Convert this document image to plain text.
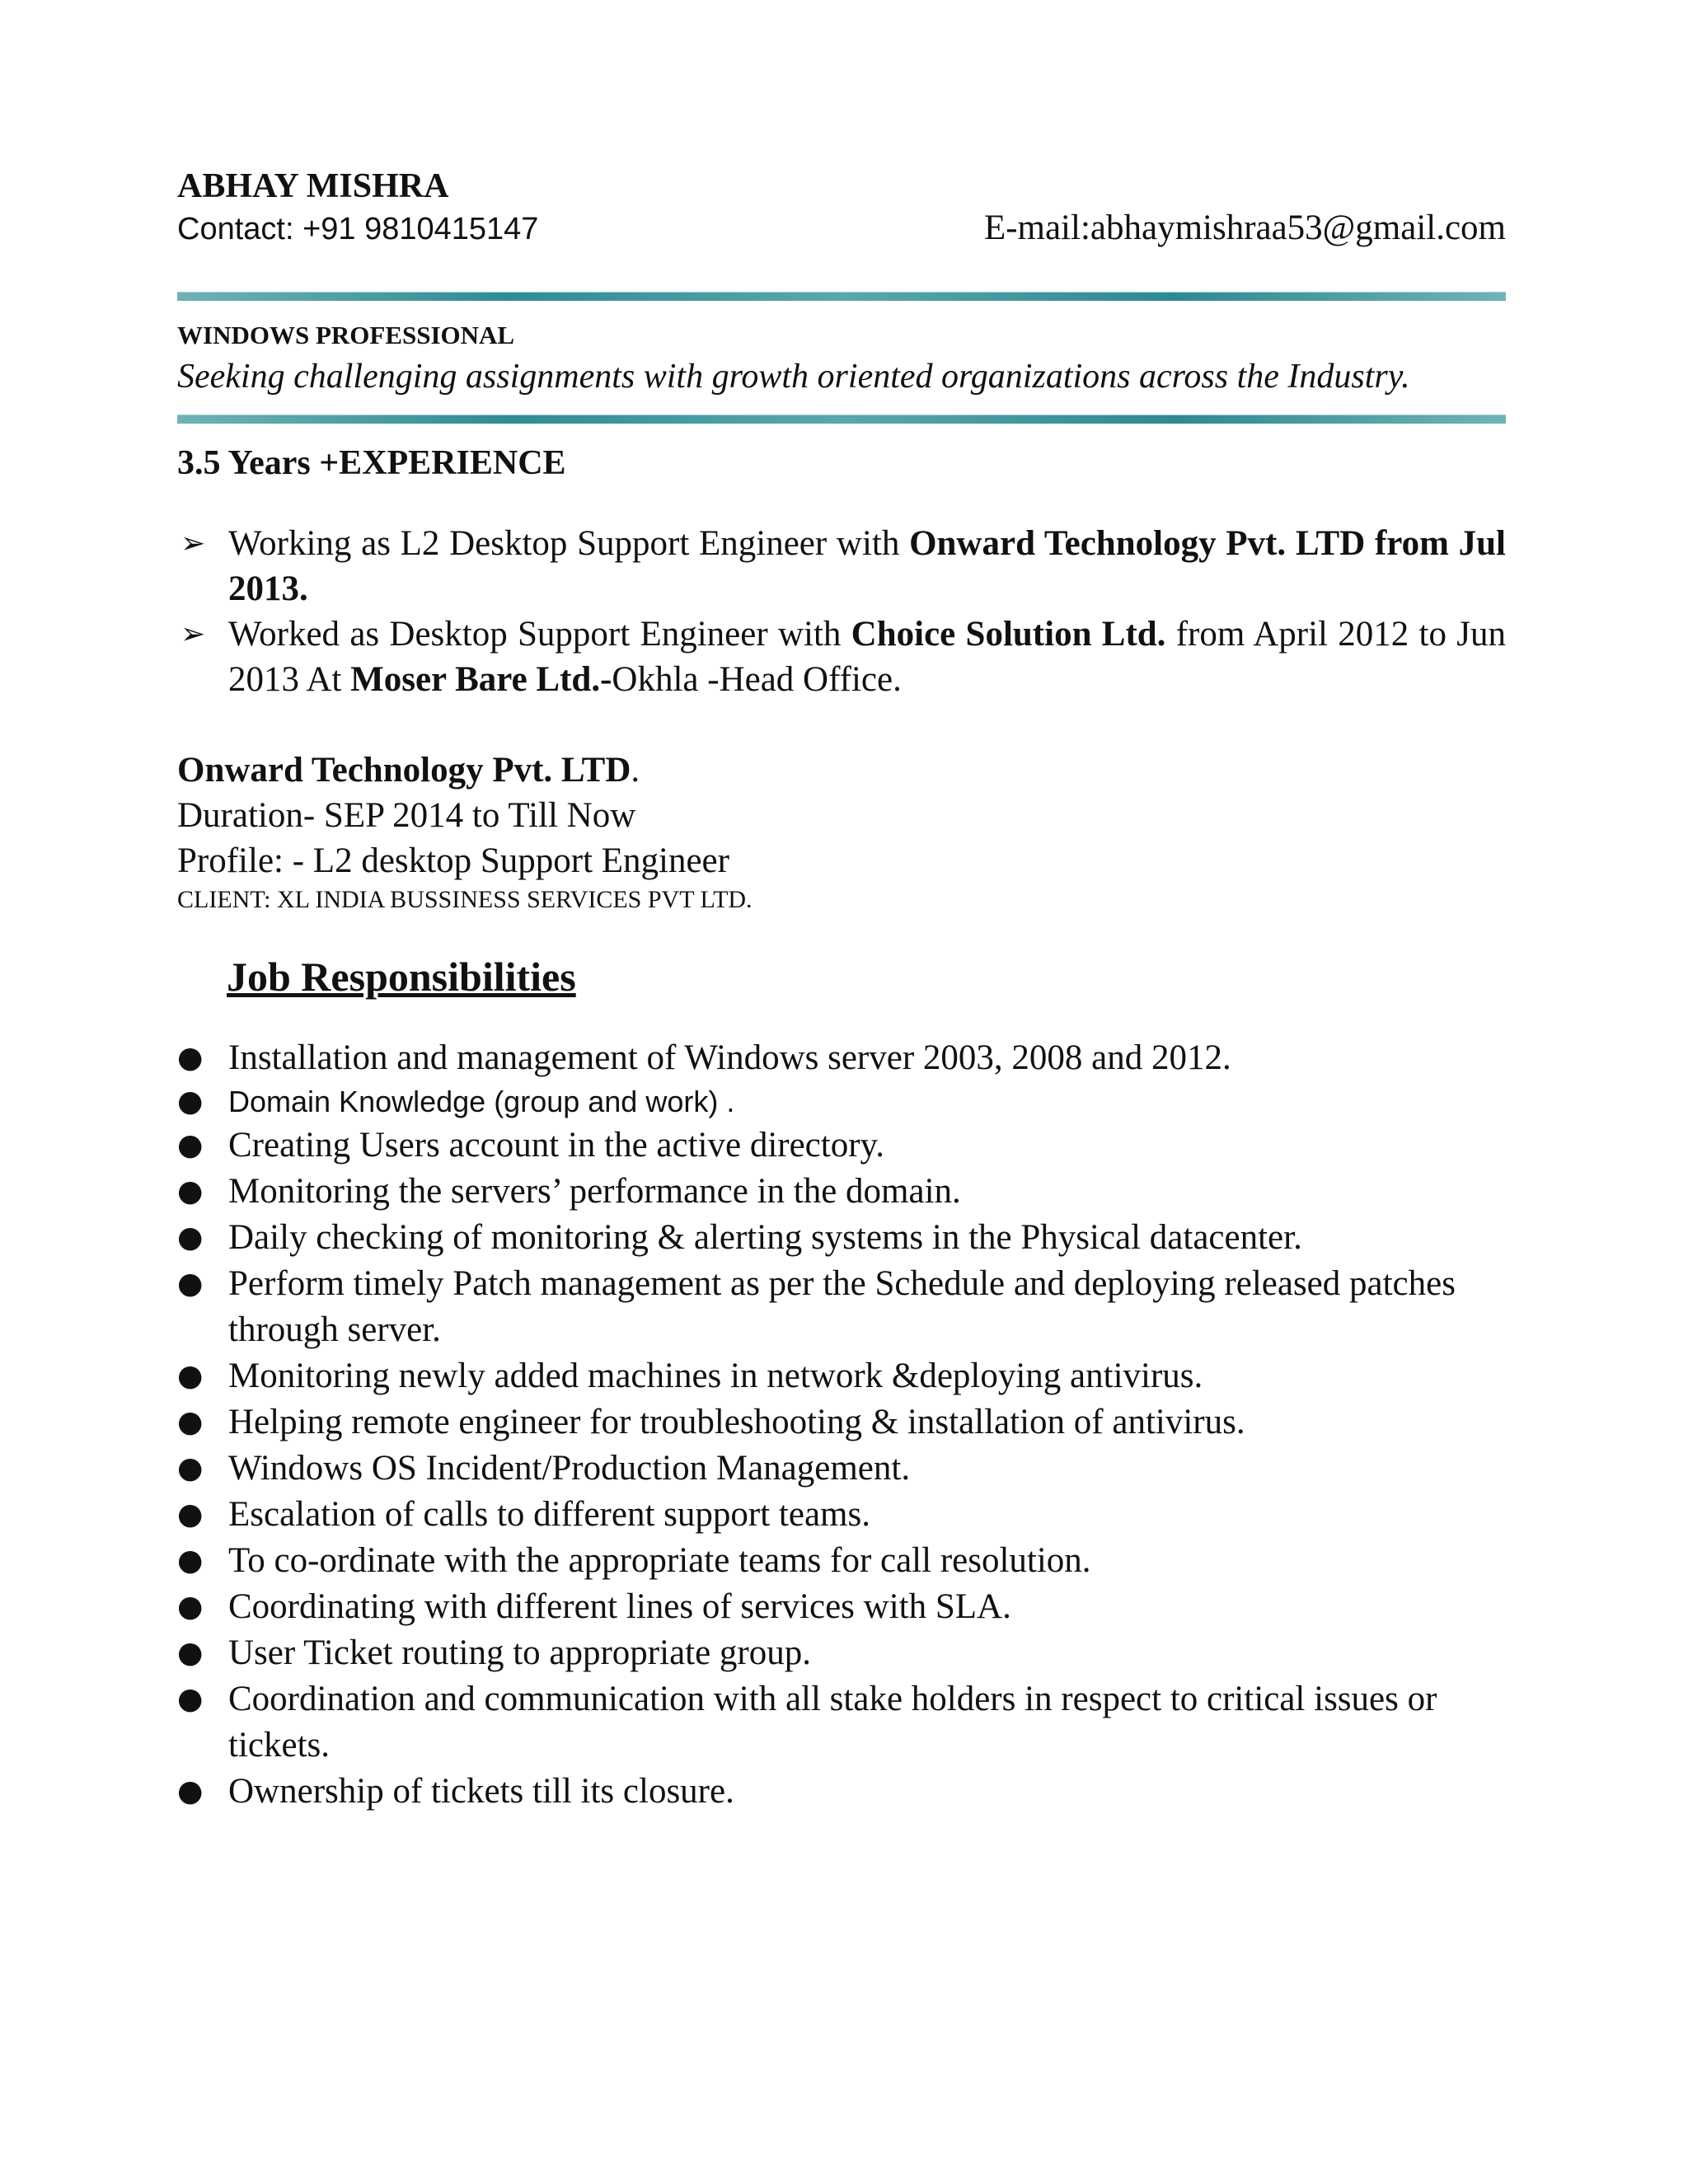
ABHAY MISHRA
Contact: +91 9810415147	E-mail:abhaymishraa53@gmail.com
WINDOWS PROFESSIONAL
Seeking challenging assignments with growth oriented organizations across the Industry.
3.5 Years +EXPERIENCE
➢ Working as L2 Desktop Support Engineer with Onward Technology Pvt. LTD from Jul 2013.
➢ Worked as Desktop Support Engineer with Choice Solution Ltd. from April 2012 to Jun 2013 At Moser Bare Ltd.-Okhla -Head Office.
Onward Technology Pvt. LTD.
Duration- SEP 2014 to Till Now
Profile: - L2 desktop Support Engineer
CLIENT: XL INDIA BUSSINESS SERVICES PVT LTD.
Job Responsibilities
● Installation and management of Windows server 2003, 2008 and 2012.
● Domain Knowledge (group and work) .
● Creating Users account in the active directory.
● Monitoring the servers’ performance in the domain.
● Daily checking of monitoring & alerting systems in the Physical datacenter.
● Perform timely Patch management as per the Schedule and deploying released patches through server.
● Monitoring newly added machines in network &deploying antivirus.
● Helping remote engineer for troubleshooting & installation of antivirus.
● Windows OS Incident/Production Management.
● Escalation of calls to different support teams.
● To co-ordinate with the appropriate teams for call resolution.
● Coordinating with different lines of services with SLA.
● User Ticket routing to appropriate group.
● Coordination and communication with all stake holders in respect to critical issues or tickets.
● Ownership of tickets till its closure.
